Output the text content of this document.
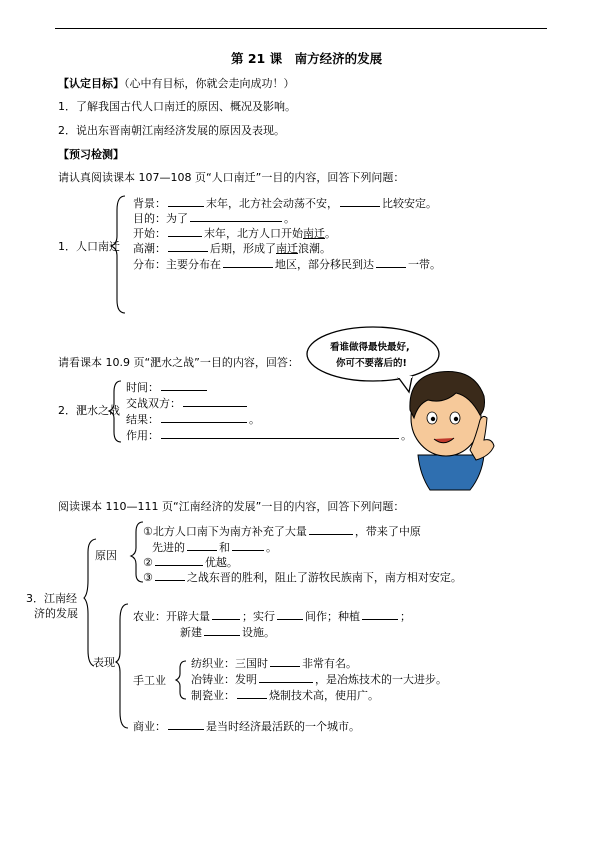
第 21 课　南方经济的发展
【认定目标】（心中有目标，你就会走向成功！）
1．了解我国古代人口南迁的原因、概况及影响。
2．说出东晋南朝江南经济发展的原因及表现。
【预习检测】
请认真阅读课本 107—108 页“人口南迁”一目的内容，回答下列问题：
1．人口南迁
背景：	末年，北方社会动荡不安，	比较安定。
目的：为了	。
开始：	末年，北方人口开始南迁。
高潮：	后期，形成了南迁浪潮。
分布：主要分布在	地区，部分移民到达	一带。
请看课本 10.9 页“淝水之战”一目的内容，回答：
2．淝水之战
时间：
交战双方：
结果：	。
作用：	。
看谁做得最快最好,
你可不要落后的!
阅读课本 110—111 页“江南经济的发展”一目的内容，回答下列问题：
3．江南经
济的发展
原因
①北方人口南下为南方补充了大量	，带来了中原
先进的	和	。
②	优越。
③	之战东晋的胜利，阻止了游牧民族南下，南方相对安定。
表现
农业：开辟大量	；实行	间作；种植	；
新建	设施。
手工业
纺织业：三国时	非常有名。
冶铸业：发明	，是冶炼技术的一大进步。
制瓷业：	烧制技术高，使用广。
商业：	是当时经济最活跃的一个城市。
